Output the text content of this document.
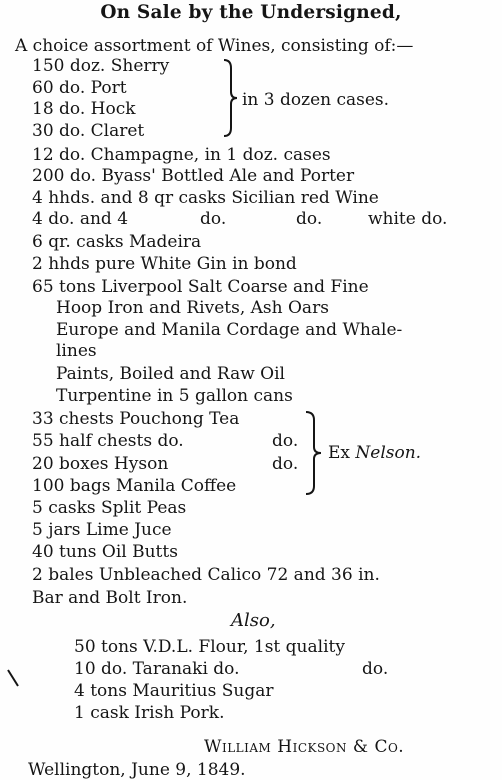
On Sale by the Undersigned,
A choice assortment of Wines, consisting of:—
150 doz. Sherry
60 do. Port
18 do. Hock
30 do. Claret
in 3 dozen cases.
12 do. Champagne, in 1 doz. cases
200 do. Byass' Bottled Ale and Porter
4 hhds. and 8 qr casks Sicilian red Wine
4 do. and 4	do.	do.	white do.
6 qr. casks Madeira
2 hhds pure White Gin in bond
65 tons Liverpool Salt Coarse and Fine
Hoop Iron and Rivets, Ash Oars
Europe and Manila Cordage and Whale-
lines
Paints, Boiled and Raw Oil
Turpentine in 5 gallon cans
33 chests Pouchong Tea
55 half chests do.	do.
20 boxes Hyson	do.
100 bags Manila Coffee
Ex Nelson.
5 casks Split Peas
5 jars Lime Juce
40 tuns Oil Butts
2 bales Unbleached Calico 72 and 36 in.
Bar and Bolt Iron.
Also,
50 tons V.D.L. Flour, 1st quality
10 do. Taranaki do.	do.
4 tons Mauritius Sugar
1 cask Irish Pork.
William Hickson & Co.
Wellington, June 9, 1849.
